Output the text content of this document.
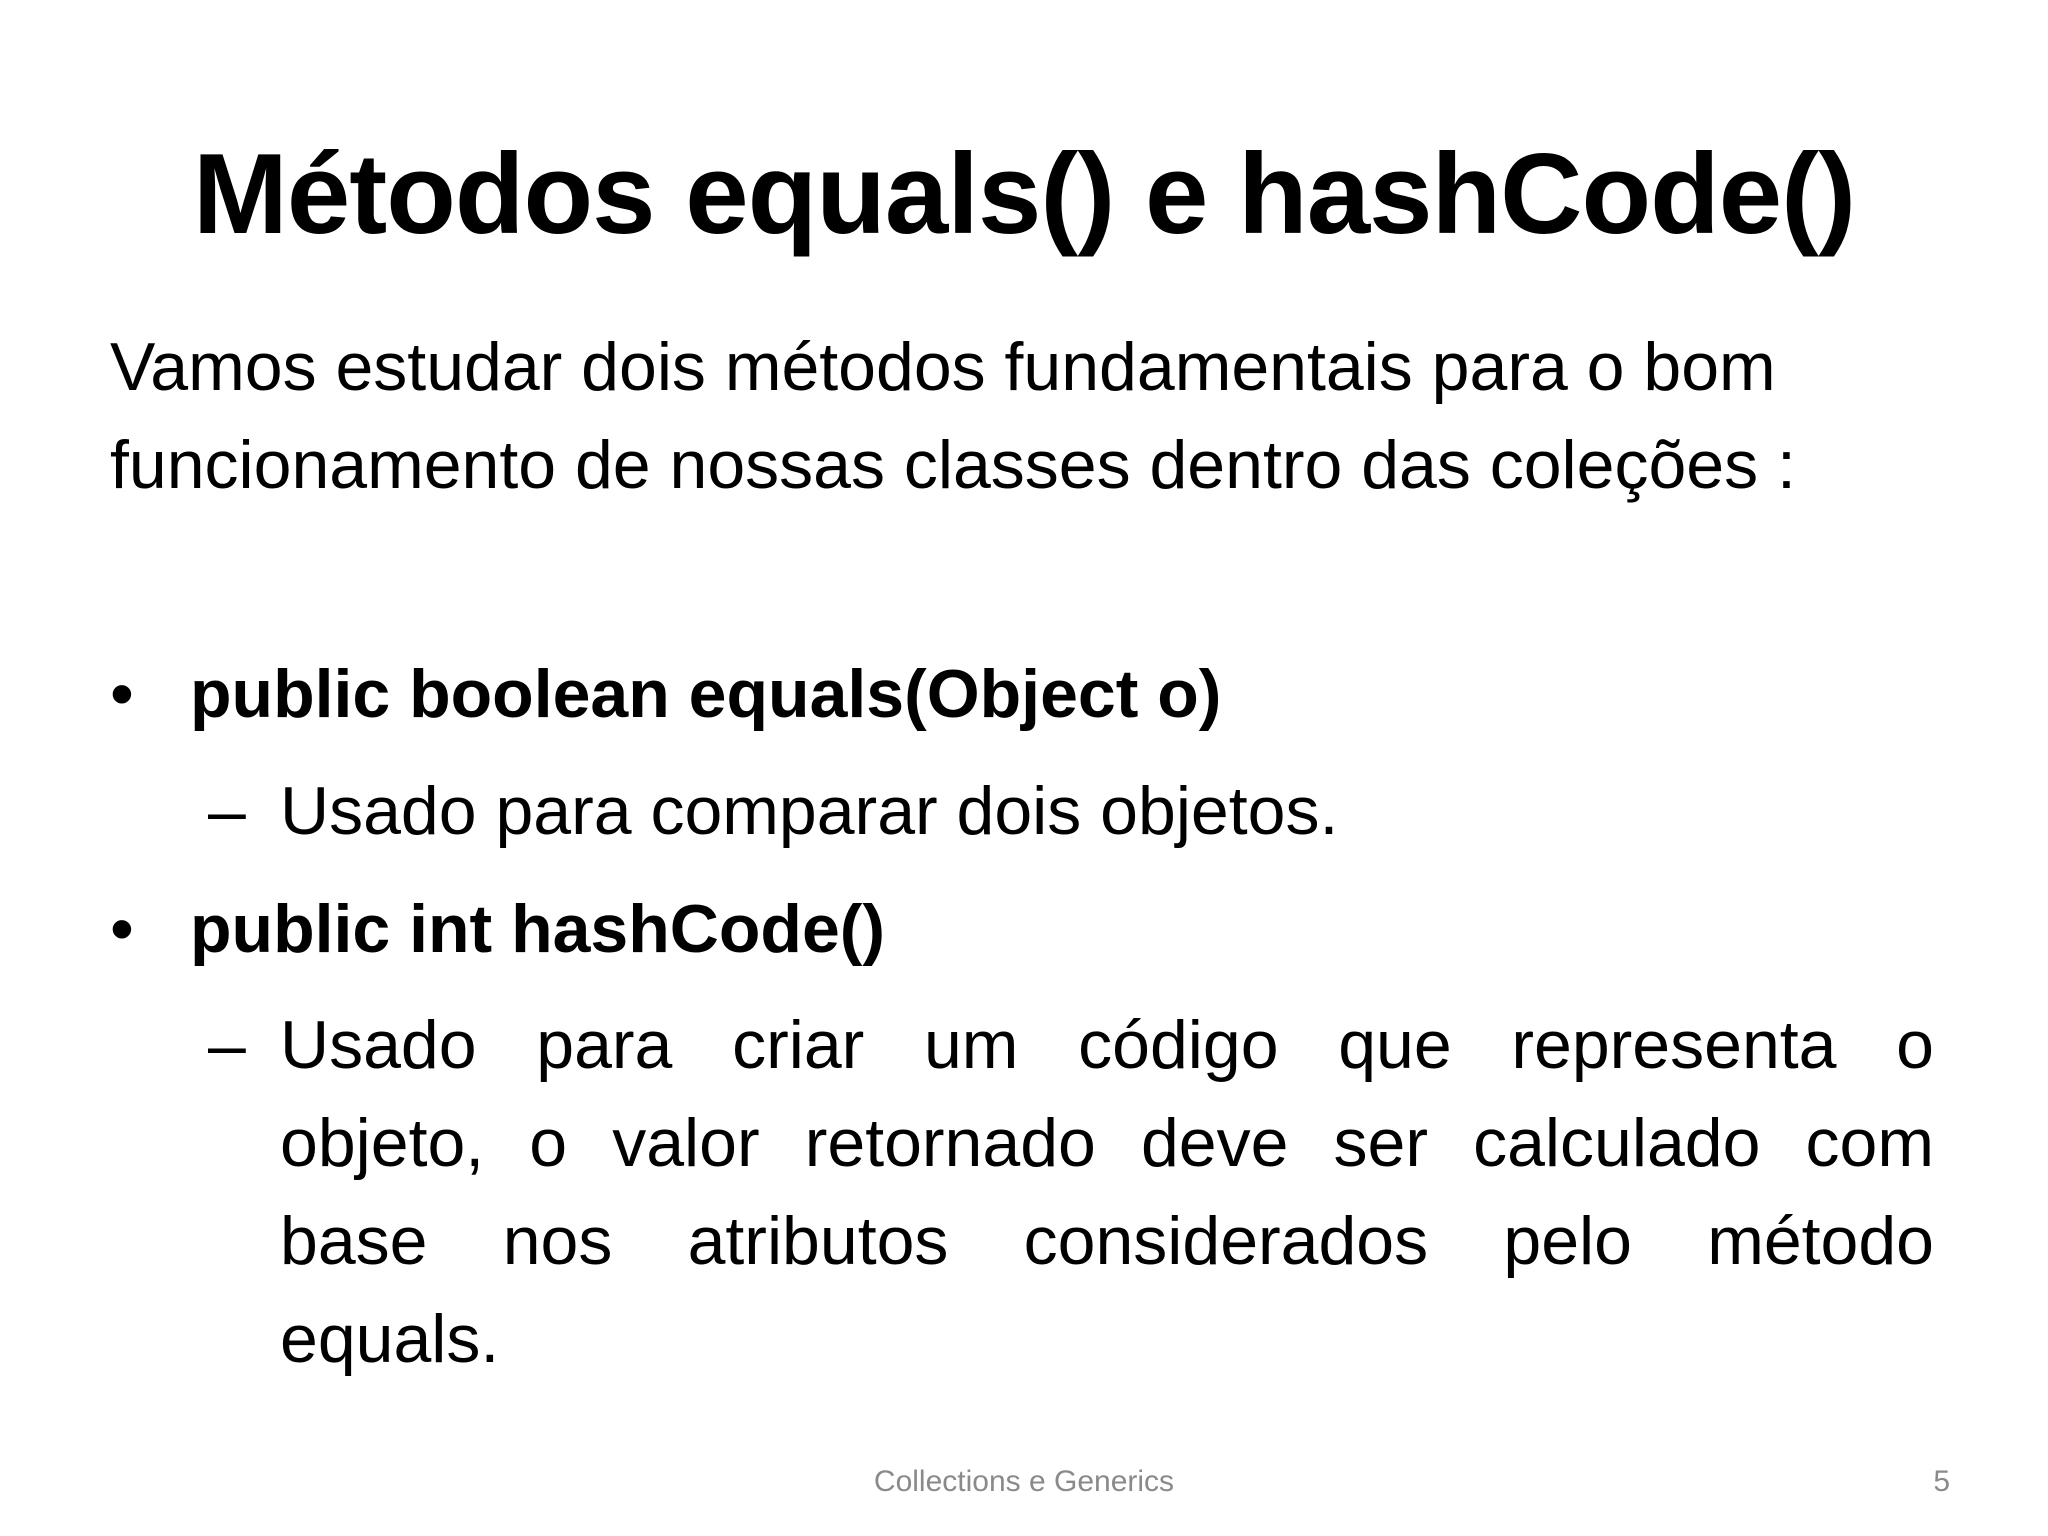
Métodos equals() e hashCode()
Vamos estudar dois métodos fundamentais para o bom
funcionamento de nossas classes dentro das coleções :
• public boolean equals(Object o)
– Usado para comparar dois objetos.
• public int hashCode()
– Usado para criar um código que representa o
objeto, o valor retornado deve ser calculado com
base nos atributos considerados pelo método
equals.
Collections e Generics	5
